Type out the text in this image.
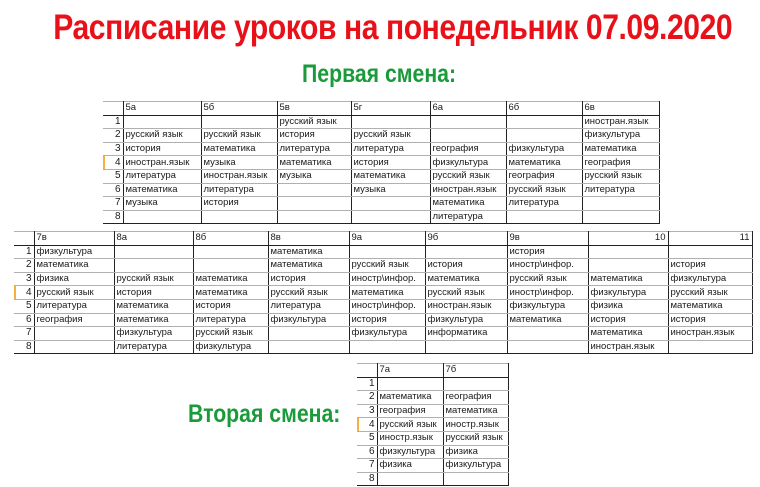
Расписание уроков на понедельник 07.09.2020
Первая смена:
	5а	5б	5в	5г	6а	6б	6в
1			русский язык				иностран.язык
2	русский язык	русский язык	история	русский язык			физкультура
3	история	математика	литература	литература	география	физкультура	математика
4	иностран.язык	музыка	математика	история	физкультура	математика	география
5	литература	иностран.язык	музыка	математика	русский язык	география	русский язык
6	математика	литература		музыка	иностран.язык	русский язык	литература
7	музыка	история			математика	литература	
8					литература		
	7в	8а	8б	8в	9а	9б	9в	10	11
1	физкультура			математика			история		
2	математика			математика	русский язык	история	иностр\инфор.		история
3	физика	русский язык	математика	история	иностр\инфор.	математика	русский язык	математика	физкультура
4	русский язык	история	математика	русский язык	математика	русский язык	иностр\инфор.	физкультура	русский язык
5	литература	математика	история	литература	иностр\инфор.	иностран.язык	физкультура	физика	математика
6	география	математика	литература	физкультура	история	физкультура	математика	история	история
7		физкультура	русский язык		физкультура	информатика		математика	иностран.язык
8		литература	физкультура					иностран.язык	
Вторая смена:
	7а	7б
1		
2	математика	география
3	география	математика
4	русский язык	иностр.язык
5	иностр.язык	русский язык
6	физкультура	физика
7	физика	физкультура
8		
